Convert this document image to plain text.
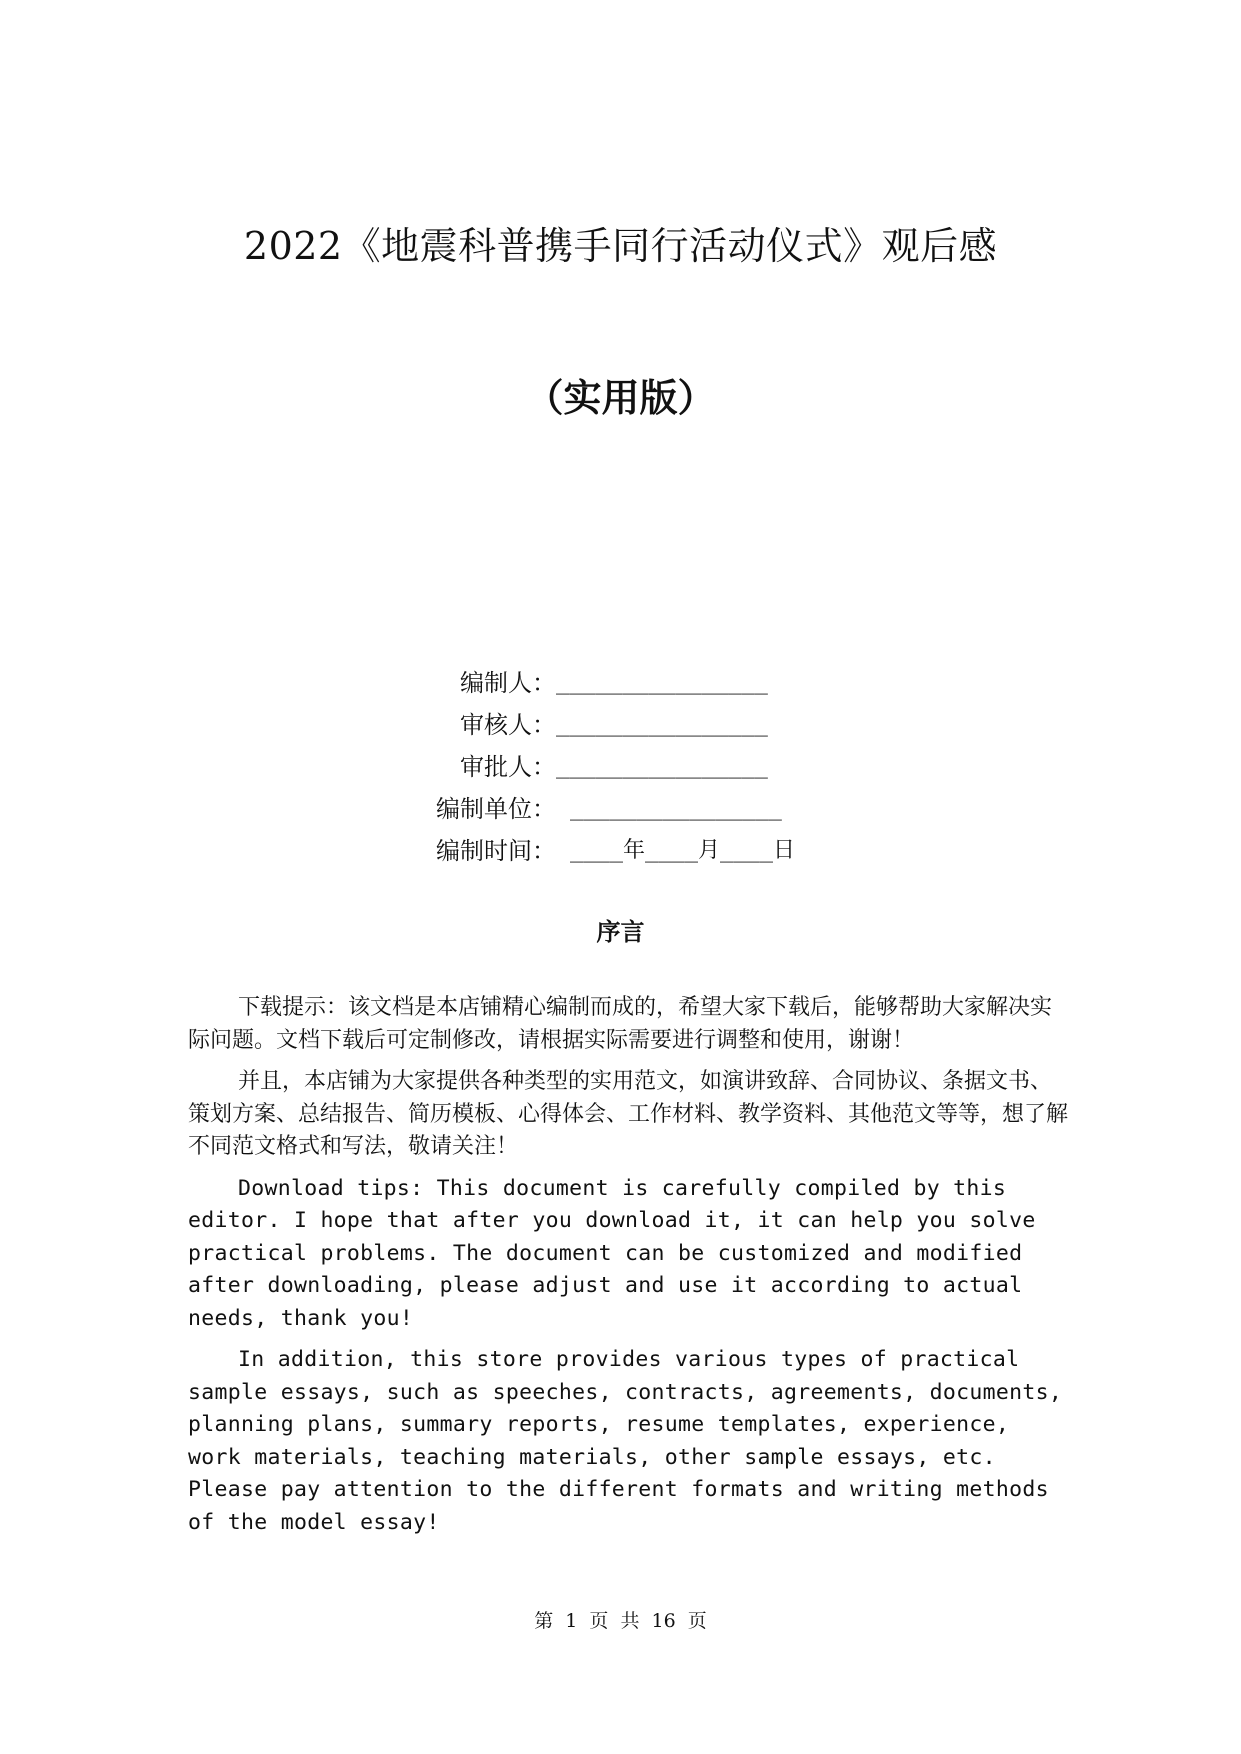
2022《地震科普携手同行活动仪式》观后感
（实用版）
编制人： ________________
审核人： ________________
审批人： ________________
编制单位： ________________
编制时间： ____年____月____日
序言

下载提示：该文档是本店铺精心编制而成的，希望大家下载后，能够帮助大家解决实际问题。文档下载后可定制修改，请根据实际需要进行调整和使用，谢谢！

并且，本店铺为大家提供各种类型的实用范文，如演讲致辞、合同协议、条据文书、策划方案、总结报告、简历模板、心得体会、工作材料、教学资料、其他范文等等，想了解不同范文格式和写法，敬请关注！

Download tips: This document is carefully compiled by this editor. I hope that after you download it, it can help you solve practical problems. The document can be customized and modified after downloading, please adjust and use it according to actual needs, thank you!

In addition, this store provides various types of practical sample essays, such as speeches, contracts, agreements, documents, planning plans, summary reports, resume templates, experience, work materials, teaching materials, other sample essays, etc. Please pay attention to the different formats and writing methods of the model essay!

第 1 页 共 16 页
